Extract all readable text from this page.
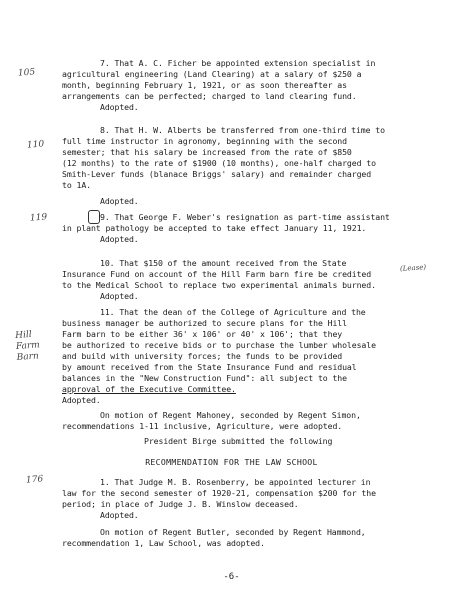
105
110
119
Hill Farm Barn
176
(Lease)
7. That A. C. Ficher be appointed extension specialist in
agricultural engineering (Land Clearing) at a salary of $250 a
month, beginning February 1, 1921, or as soon thereafter as
arrangements can be perfected; charged to land clearing fund.
Adopted.
8. That H. W. Alberts be transferred from one-third time to
full time instructor in agronomy, beginning with the second
semester; that his salary be increased from the rate of $850
(12 months) to the rate of $1900 (10 months), one-half charged to
Smith-Lever funds (blanace Briggs' salary) and remainder charged
to 1A.
Adopted.
9. That George F. Weber's resignation as part-time assistant
in plant pathology be accepted to take effect January 11, 1921.
Adopted.
10. That $150 of the amount received from the State
Insurance Fund on account of the Hill Farm barn fire be credited
to the Medical School to replace two experimental animals burned.
Adopted.
11. That the dean of the College of Agriculture and the
business manager be authorized to secure plans for the Hill
Farm barn to be either 36' x 106' or 40' x 106'; that they
be authorized to receive bids or to purchase the lumber wholesale
and build with university forces; the funds to be provided
by amount received from the State Insurance Fund and residual
balances in the "New Construction Fund": all subject to the
approval of the Executive Committee.
Adopted.
On motion of Regent Mahoney, seconded by Regent Simon,
recommendations 1-11 inclusive, Agriculture, were adopted.
President Birge submitted the following
RECOMMENDATION FOR THE LAW SCHOOL
1. That Judge M. B. Rosenberry, be appointed lecturer in
law for the second semester of 1920-21, compensation $200 for the
period; in place of Judge J. B. Winslow deceased.
Adopted.
On motion of Regent Butler, seconded by Regent Hammond,
recommendation 1, Law School, was adopted.
-6-
